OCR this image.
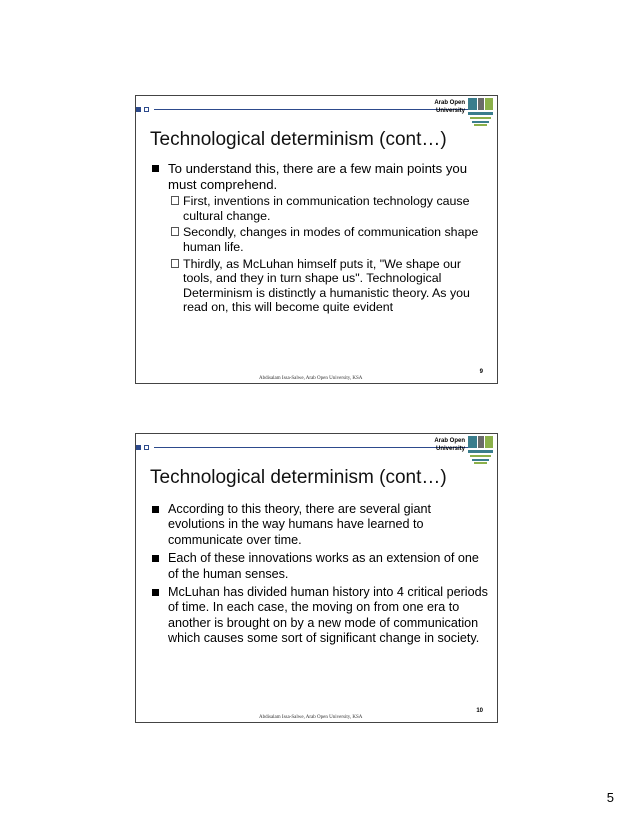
Arab Open
University
Technological determinism (cont…)
To understand this, there are a few main points you must comprehend.
First, inventions in communication technology cause cultural change.
Secondly, changes in modes of communication shape human life.
Thirdly, as McLuhan himself puts it, "We shape our tools, and they in turn shape us". Technological Determinism is distinctly a humanistic theory. As you read on, this will become quite evident
9
Abdisalam Issa-Salwe, Arab Open University, KSA
Arab Open
University
Technological determinism (cont…)
According to this theory, there are several giant evolutions in the way humans have learned to communicate over time.
Each of these innovations works as an extension of one of the human senses.
McLuhan has divided human history into 4 critical periods of time. In each case, the moving on from one era to another is brought on by a new mode of communication which causes some sort of significant change in society.
10
Abdisalam Issa-Salwe, Arab Open University, KSA
5
